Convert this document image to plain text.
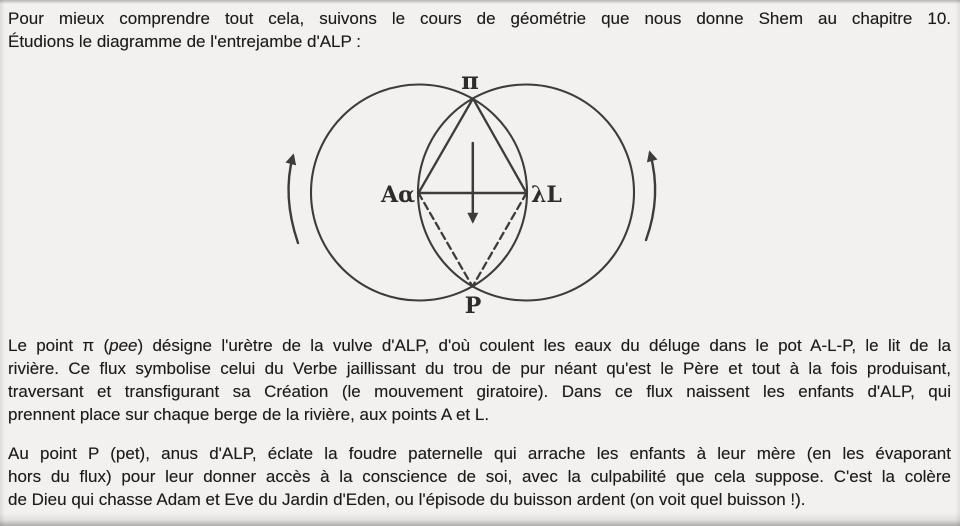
Pour mieux comprendre tout cela, suivons le cours de géométrie que nous donne Shem au chapitre 10.
Étudions le diagramme de l'entrejambe d'ALP :
π
Aα	λL
P
Le point π (pee) désigne l'urètre de la vulve d'ALP, d'où coulent les eaux du déluge dans le pot A-L-P, le lit de la
rivière. Ce flux symbolise celui du Verbe jaillissant du trou de pur néant qu'est le Père et tout à la fois produisant,
traversant et transfigurant sa Création (le mouvement giratoire). Dans ce flux naissent les enfants d'ALP, qui
prennent place sur chaque berge de la rivière, aux points A et L.
Au point P (pet), anus d'ALP, éclate la foudre paternelle qui arrache les enfants à leur mère (en les évaporant
hors du flux) pour leur donner accès à la conscience de soi, avec la culpabilité que cela suppose. C'est la colère
de Dieu qui chasse Adam et Eve du Jardin d'Eden, ou l'épisode du buisson ardent (on voit quel buisson !).
